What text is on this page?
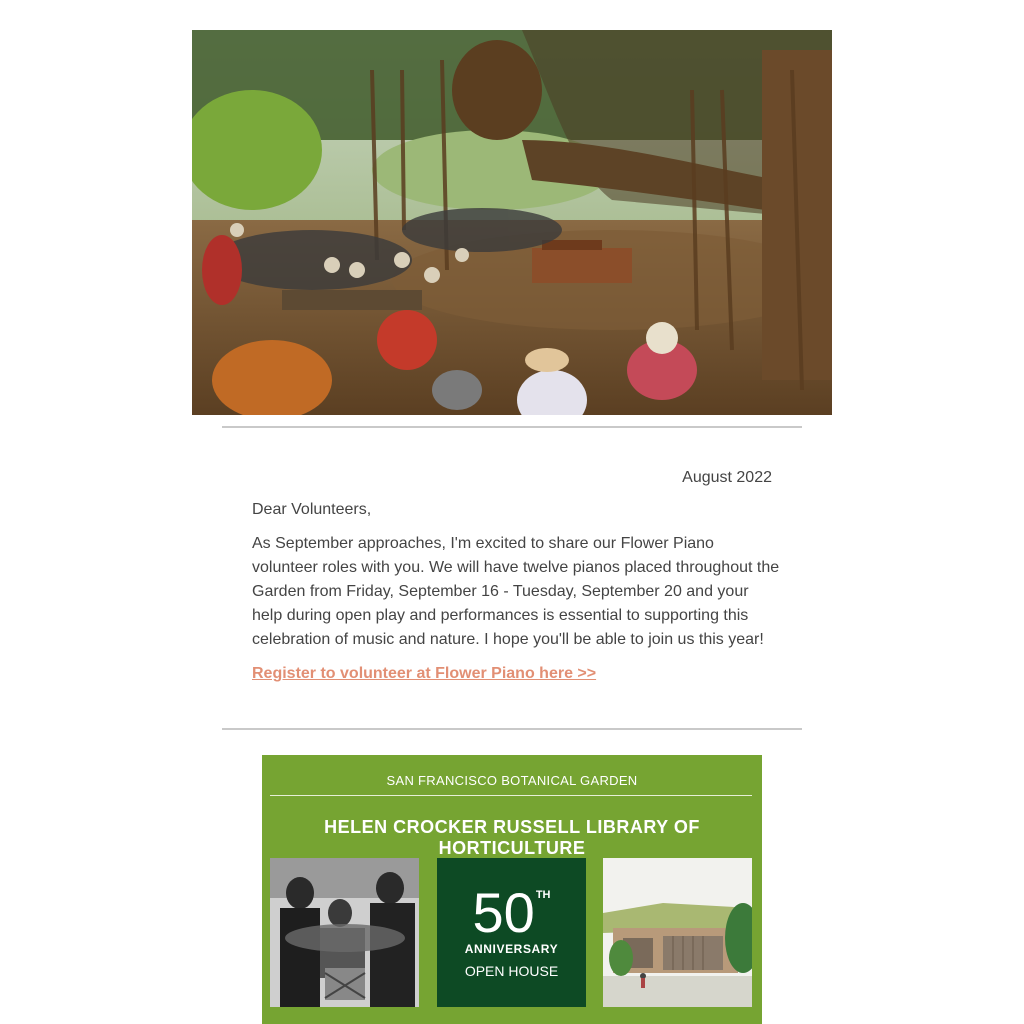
August 2022
Dear Volunteers,

As September approaches, I'm excited to share our Flower Piano volunteer roles with you. We will have twelve pianos placed throughout the Garden from Friday, September 16 - Tuesday, September 20 and your help during open play and performances is essential to supporting this celebration of music and nature. I hope you'll be able to join us this year!

Register to volunteer at Flower Piano here >>
SAN FRANCISCO BOTANICAL GARDEN
HELEN CROCKER RUSSELL LIBRARY OF HORTICULTURE
50TH
ANNIVERSARY
OPEN HOUSE
